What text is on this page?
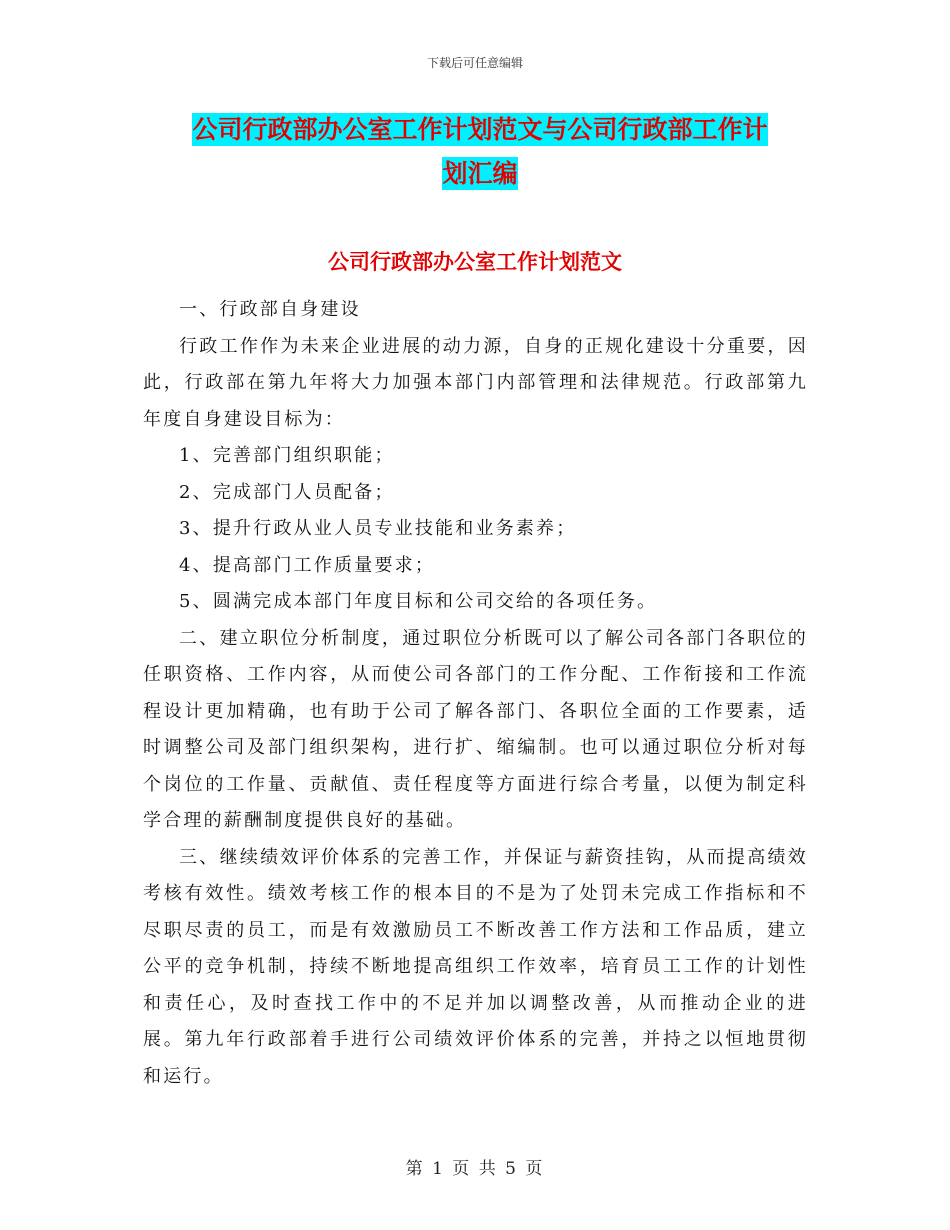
下载后可任意编辑
公司行政部办公室工作计划范文与公司行政部工作计
划汇编
公司行政部办公室工作计划范文

一、行政部自身建设

行政工作作为未来企业进展的动力源，自身的正规化建设十分重要，因此，行政部在第九年将大力加强本部门内部管理和法律规范。行政部第九年度自身建设目标为：

1、完善部门组织职能；

2、完成部门人员配备；

3、提升行政从业人员专业技能和业务素养；

4、提高部门工作质量要求；

5、圆满完成本部门年度目标和公司交给的各项任务。

二、建立职位分析制度，通过职位分析既可以了解公司各部门各职位的任职资格、工作内容，从而使公司各部门的工作分配、工作衔接和工作流程设计更加精确，也有助于公司了解各部门、各职位全面的工作要素，适时调整公司及部门组织架构，进行扩、缩编制。也可以通过职位分析对每个岗位的工作量、贡献值、责任程度等方面进行综合考量，以便为制定科学合理的薪酬制度提供良好的基础。

三、继续绩效评价体系的完善工作，并保证与薪资挂钩，从而提高绩效考核有效性。绩效考核工作的根本目的不是为了处罚未完成工作指标和不尽职尽责的员工，而是有效激励员工不断改善工作方法和工作品质，建立公平的竞争机制，持续不断地提高组织工作效率，培育员工工作的计划性和责任心，及时查找工作中的不足并加以调整改善，从而推动企业的进展。第九年行政部着手进行公司绩效评价体系的完善，并持之以恒地贯彻和运行。

第 1 页 共 5 页
